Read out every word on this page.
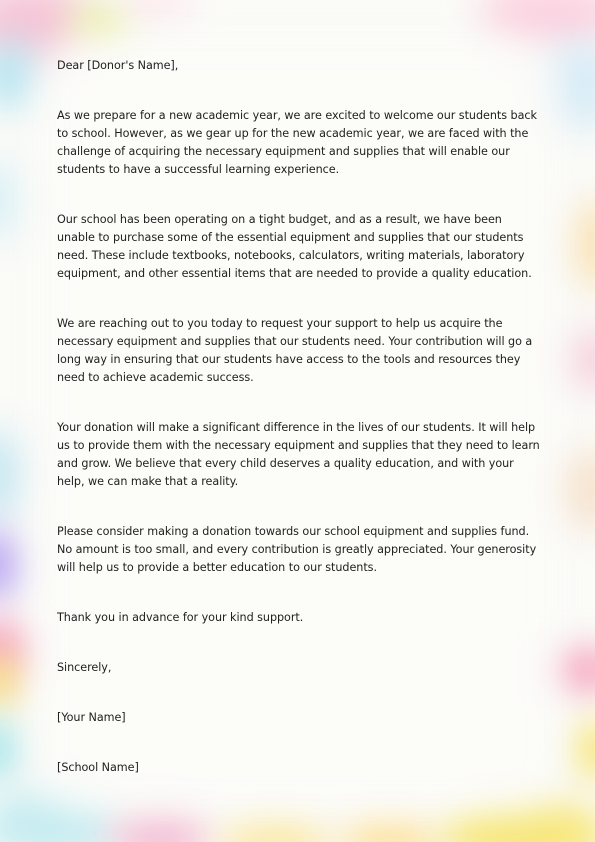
Dear [Donor's Name],

As we prepare for a new academic year, we are excited to welcome our students back to school. However, as we gear up for the new academic year, we are faced with the challenge of acquiring the necessary equipment and supplies that will enable our students to have a successful learning experience.

Our school has been operating on a tight budget, and as a result, we have been unable to purchase some of the essential equipment and supplies that our students need. These include textbooks, notebooks, calculators, writing materials, laboratory equipment, and other essential items that are needed to provide a quality education.

We are reaching out to you today to request your support to help us acquire the necessary equipment and supplies that our students need. Your contribution will go a long way in ensuring that our students have access to the tools and resources they need to achieve academic success.

Your donation will make a significant difference in the lives of our students. It will help us to provide them with the necessary equipment and supplies that they need to learn and grow. We believe that every child deserves a quality education, and with your help, we can make that a reality.

Please consider making a donation towards our school equipment and supplies fund. No amount is too small, and every contribution is greatly appreciated. Your generosity will help us to provide a better education to our students.

Thank you in advance for your kind support.

Sincerely,

[Your Name]

[School Name]
